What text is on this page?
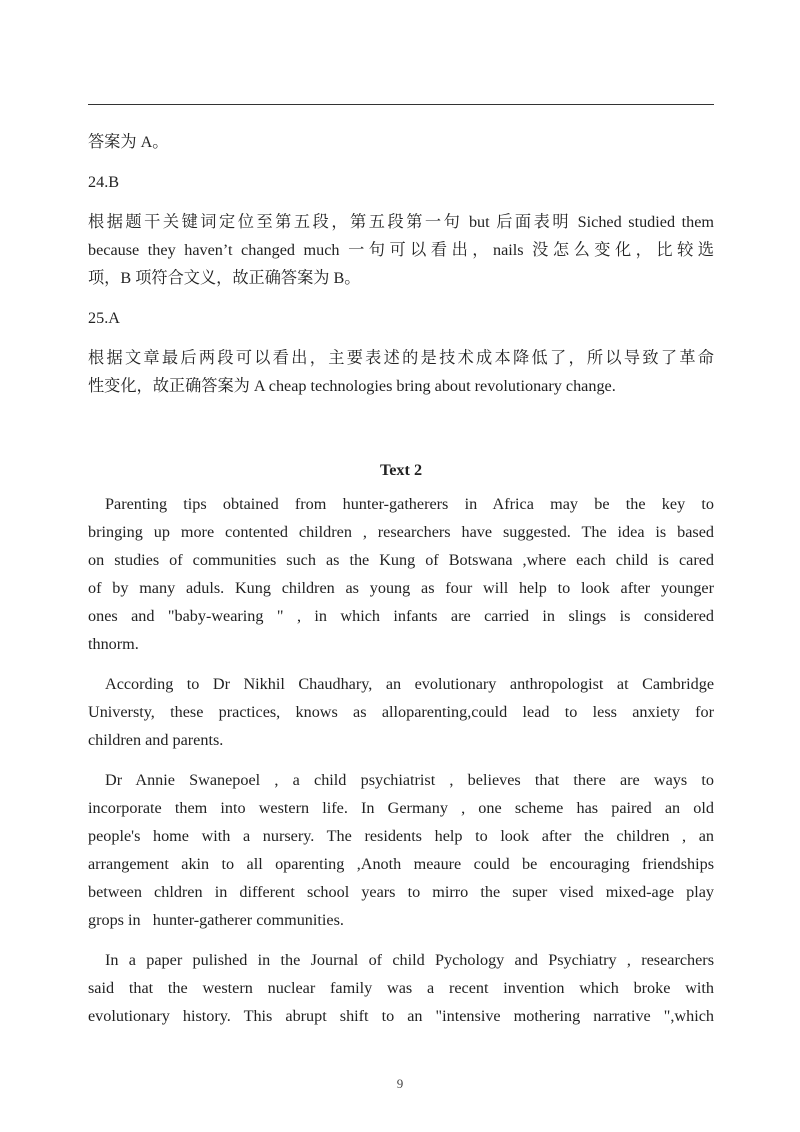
答案为 A。

24.B

根据题干关键词定位至第五段，第五段第一句 but 后面表明 Siched studied them

because they haven’t changed much 一句可以看出，nails 没怎么变化，比较选

项，B 项符合文义，故正确答案为 B。

25.A

根据文章最后两段可以看出，主要表述的是技术成本降低了，所以导致了革命

性变化，故正确答案为 A cheap technologies bring about revolutionary change.

Text 2

Parenting tips obtained from hunter-gatherers in Africa may be the key to

bringing up more contented children , researchers have suggested. The idea is based

on studies of communities such as the Kung of Botswana ,where each child is cared

of by many aduls. Kung children as young as four will help to look after younger

ones and "baby-wearing " , in which infants are carried in slings is considered

thnorm.

According to Dr Nikhil Chaudhary, an evolutionary anthropologist at Cambridge

Universty, these practices, knows as alloparenting,could lead to less anxiety for

children and parents.

Dr Annie Swanepoel , a child psychiatrist , believes that there are ways to

incorporate them into western life. In Germany , one scheme has paired an old

people's home with a nursery. The residents help to look after the children , an

arrangement akin to all oparenting ,Anoth meaure could be encouraging friendships

between chldren in different school years to mirro the super vised mixed-age play

grops in   hunter-gatherer communities.

In a paper pulished in the Journal of child Pychology and Psychiatry , researchers

said that the western nuclear family was a recent invention which broke with

evolutionary history. This abrupt shift to an "intensive mothering narrative ",which

9
